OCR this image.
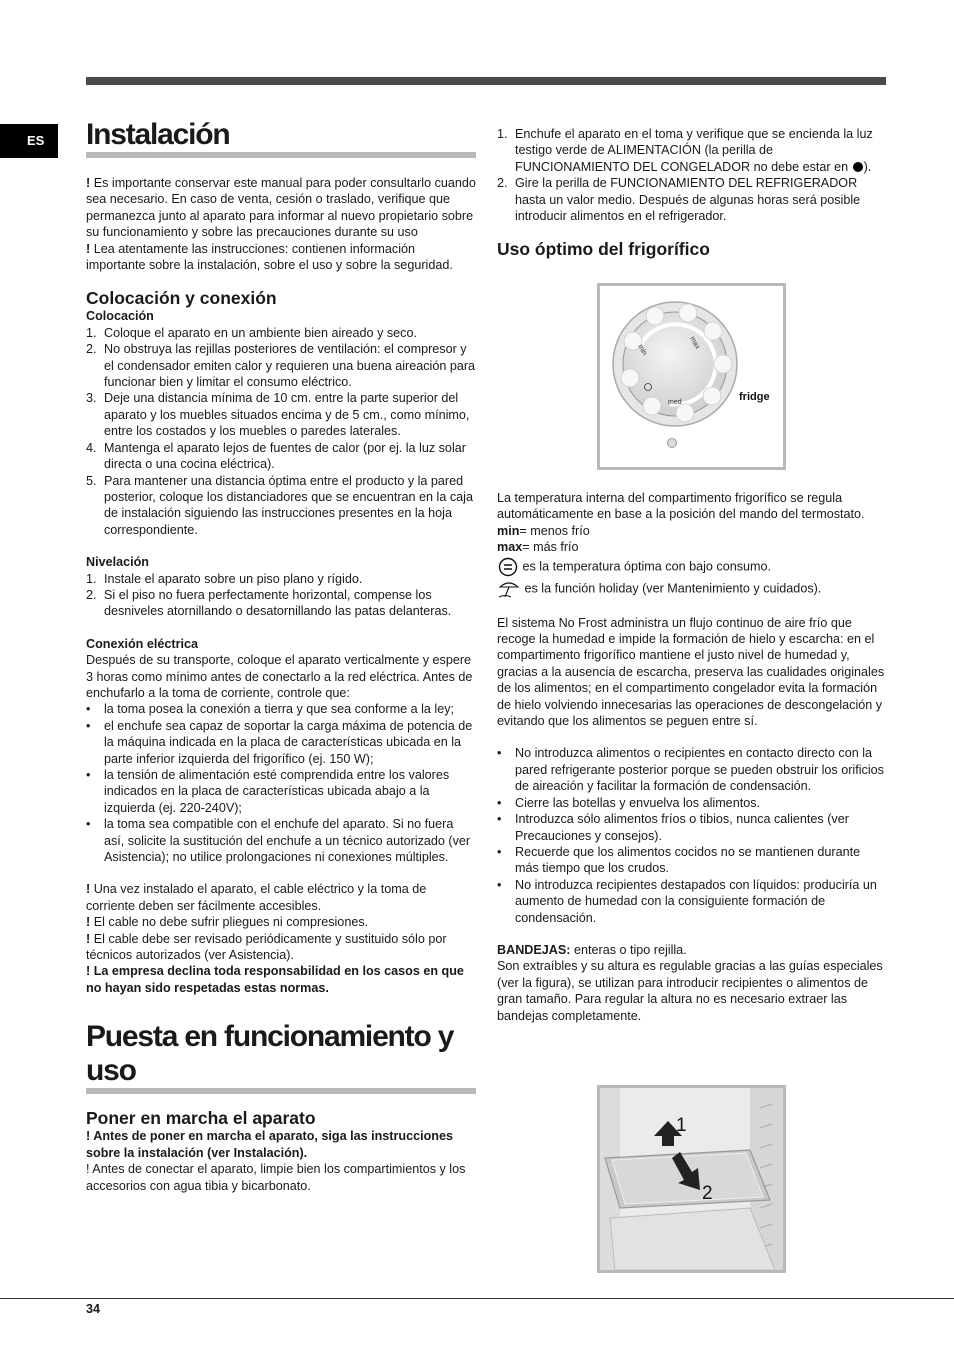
ES	Instalación

! Es importante conservar este manual para poder consultarlo cuando sea necesario. En caso de venta, cesión o traslado, verifique que permanezca junto al aparato para informar al nuevo propietario sobre su funcionamiento y sobre las precauciones durante su uso

! Lea atentamente las instrucciones: contienen información importante sobre la instalación, sobre el uso y sobre la seguridad.

Colocación y conexión
Colocación
1. Coloque el aparato en un ambiente bien aireado y seco.
2. No obstruya las rejillas posteriores de ventilación: el compresor y el condensador emiten calor y requieren una buena aireación para funcionar bien y limitar el consumo eléctrico.
3. Deje una distancia mínima de 10 cm. entre la parte superior del aparato y los muebles situados encima y de 5 cm., como mínimo, entre los costados y los muebles o paredes laterales.
4. Mantenga el aparato lejos de fuentes de calor (por ej. la luz solar directa o una cocina eléctrica).
5. Para mantener una distancia óptima entre el producto y la pared posterior, coloque los distanciadores que se encuentran en la caja de instalación siguiendo las instrucciones presentes en la hoja correspondiente.
Nivelación
1. Instale el aparato sobre un piso plano y rígido.
2. Si el piso no fuera perfectamente horizontal, compense los desniveles atornillando o desatornillando las patas delanteras.
Conexión eléctrica

Después de su transporte, coloque el aparato verticalmente y espere 3 horas como mínimo antes de conectarlo a la red eléctrica. Antes de enchufarlo a la toma de corriente, controle que:

• la toma posea la conexión a tierra y que sea conforme a la ley;
• el enchufe sea capaz de soportar la carga máxima de potencia de la máquina indicada en la placa de características ubicada en la parte inferior izquierda del frigorífico (ej. 150 W);
• la tensión de alimentación esté comprendida entre los valores indicados en la placa de características ubicada abajo a la izquierda (ej. 220-240V);
• la toma sea compatible con el enchufe del aparato. Si no fuera así, solicite la sustitución del enchufe a un técnico autorizado (ver Asistencia); no utilice prolongaciones ni conexiones múltiples.

! Una vez instalado el aparato, el cable eléctrico y la toma de corriente deben ser fácilmente accesibles.

! El cable no debe sufrir pliegues ni compresiones.

! El cable debe ser revisado periódicamente y sustituido sólo por técnicos autorizados (ver Asistencia).

! La empresa declina toda responsabilidad en los casos en que no hayan sido respetadas estas normas.

Puesta en funcionamiento y uso
Poner en marcha el aparato

! Antes de poner en marcha el aparato, siga las instrucciones sobre la instalación (ver Instalación).

! Antes de conectar el aparato, limpie bien los compartimientos y los accesorios con agua tibia y bicarbonato.

1. Enchufe el aparato en el toma y verifique que se encienda la luz testigo verde de ALIMENTACIÓN (la perilla de FUNCIONAMIENTO DEL CONGELADOR no debe estar en ).
2. Gire la perilla de FUNCIONAMIENTO DEL REFRIGERADOR hasta un valor medio. Después de algunas horas será posible introducir alimentos en el refrigerador.
Uso óptimo del frigorífico
min	max
med	fridge

La temperatura interna del compartimento frigorífico se regula automáticamente en base a la posición del mando del termostato.

min= menos frío

max= más frío

es la temperatura óptima con bajo consumo.

es la función holiday (ver Mantenimiento y cuidados).

El sistema No Frost administra un flujo continuo de aire frío que recoge la humedad e impide la formación de hielo y escarcha: en el compartimento frigorífico mantiene el justo nivel de humedad y, gracias a la ausencia de escarcha, preserva las cualidades originales de los alimentos; en el compartimento congelador evita la formación de hielo volviendo innecesarias las operaciones de descongelación y evitando que los alimentos se peguen entre sí.

• No introduzca alimentos o recipientes en contacto directo con la pared refrigerante posterior porque se pueden obstruir los orificios de aireación y facilitar la formación de condensación.
• Cierre las botellas y envuelva los alimentos.
• Introduzca sólo alimentos fríos o tibios, nunca calientes (ver Precauciones y consejos).
• Recuerde que los alimentos cocidos no se mantienen durante más tiempo que los crudos.
• No introduzca recipientes destapados con líquidos: produciría un aumento de humedad con la consiguiente formación de condensación.

BANDEJAS: enteras o tipo rejilla.

Son extraíbles y su altura es regulable gracias a las guías especiales (ver la figura), se utilizan para introducir recipientes o alimentos de gran tamaño. Para regular la altura no es necesario extraer las bandejas completamente.

1
2
34
